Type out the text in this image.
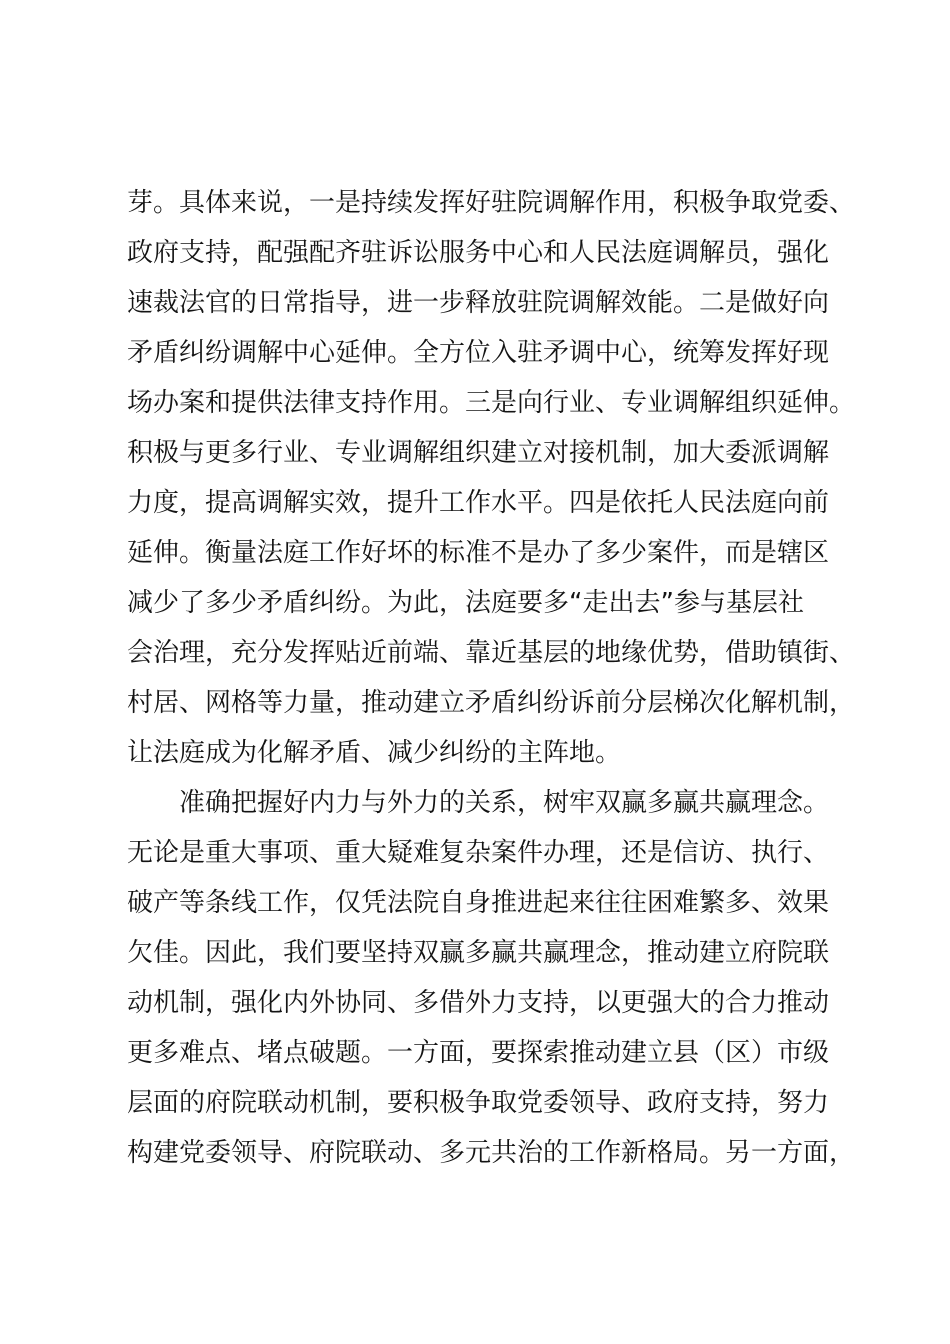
芽。具体来说，一是持续发挥好驻院调解作用，积极争取党委、
政府支持，配强配齐驻诉讼服务中心和人民法庭调解员，强化
速裁法官的日常指导，进一步释放驻院调解效能。二是做好向
矛盾纠纷调解中心延伸。全方位入驻矛调中心，统筹发挥好现
场办案和提供法律支持作用。三是向行业、专业调解组织延伸。
积极与更多行业、专业调解组织建立对接机制，加大委派调解
力度，提高调解实效，提升工作水平。四是依托人民法庭向前
延伸。衡量法庭工作好坏的标准不是办了多少案件，而是辖区
减少了多少矛盾纠纷。为此，法庭要多“走出去”参与基层社
会治理，充分发挥贴近前端、靠近基层的地缘优势，借助镇街、
村居、网格等力量，推动建立矛盾纠纷诉前分层梯次化解机制，
让法庭成为化解矛盾、减少纠纷的主阵地。
准确把握好内力与外力的关系，树牢双赢多赢共赢理念。
无论是重大事项、重大疑难复杂案件办理，还是信访、执行、
破产等条线工作，仅凭法院自身推进起来往往困难繁多、效果
欠佳。因此，我们要坚持双赢多赢共赢理念，推动建立府院联
动机制，强化内外协同、多借外力支持，以更强大的合力推动
更多难点、堵点破题。一方面，要探索推动建立县（区）市级
层面的府院联动机制，要积极争取党委领导、政府支持，努力
构建党委领导、府院联动、多元共治的工作新格局。另一方面，
